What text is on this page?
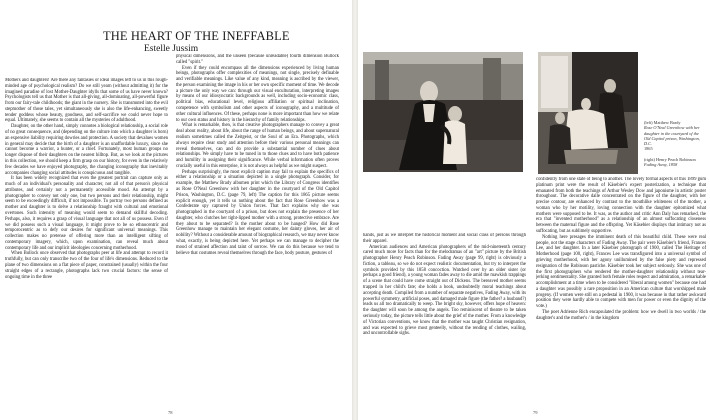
THE HEART OF THE INEFFABLE
Estelle Jussim

Mothers and daughters! Are there any fantasies or ideal images left to us in this rough-minded age of psychological realism? Do we still yearn (without admitting it) for the imagined paradise of lost Mother-Daughter idylls that some of us have never known? Psychologists tell us that Mother is that all-giving, all-dominating, all-powerful figure from our fairy-tale childhoods; the giant in the nursery. She is transmuted into the evil stepmother of those tales, yet simultaneously she is also the life-enhancing, sweetly tender goddess whose beauty, goodness, and self-sacrifice we could never hope to equal. Ultimately, she seems to contain all the mysteries of adulthood.

Daughter, on the other hand, simply connotes a biological relationship, a social role of no great consequence, and (depending on the culture into which a daughter is born) an expensive liability requiring dowries and protection. A society that devalues women in general may decide that the birth of a daughter is an unaffordable luxury, since she cannot become a warrior, a hunter, or a chief. Fortunately, most human groups no longer dispose of their daughters on the nearest hilltop. But, as we look at the pictures in this collection, we should keep a firm grasp on our history, for even in the relatively few decades we have enjoyed photography, the changing iconography that inevitably accompanies changing social attitudes is conspicuous and tangible.

It has been widely recognized that even the greatest portrait can capture only as much of an individual's personality and character, not all of that person's physical attributes, and certainly not a permanently accessible mood. An attempt by a photographer to convey not only one, but two persons and their relationship, might seem to be exceedingly difficult, if not impossible. To portray two persons defined as mother and daughter is to delve a relationship fraught with cultural and emotional overtones. Such intensity of meaning would seem to demand skillful decoding. Perhaps, also, it requires a grasp of visual language that not all of us possess. Even if we did possess such a visual language, it might prove to be so ethnocentric and temporocentric as to defy our desires for significant universal meanings. This collection makes no pretense of offering more than an intelligent sifting of contemporary imagery, which, upon examination, can reveal much about contemporary life and our implicit ideologies concerning motherhood.

When Bullock once observed that photographs peer at life and attempt to record it truthfully, but can only transcribe two of the four of life's dimensions. Reduced to the plane of two dimensions on a flat piece of paper, constrained (usually) within the four straight edges of a rectangle, photographs lack two crucial factors: the sense of ongoing time in the three

physical dimensions, and the unseen (because unreadable) fourth dimension Bullock called "spirit."

Even if they could encompass all the dimensions experienced by living human beings, photographs offer complexities of meanings, not single, precisely definable and verifiable meanings. Like value of any kind, meaning is ascribed by the viewer, the person examining the image in his or her own specific moment of time. We decode a picture the only way we can: through our visual enculturation, interpreting images by means of our idiosyncratic backgrounds as well, including socio-economic class, political bias, educational level, religious affiliation or spiritual inclination, competence with symbolism and other aspects of iconography, and a multitude of other cultural influences. Of these, perhaps none is more important than how we relate to our own status and history in the hierarchy of family relationships.

What is remarkable, then, is that creative photographers manage to convey a great deal about reality, about life, about the range of human beings, and about supernatural realism sometimes called the Zeitgeist, or the Soul of an Era. Photographs, which always require clear study and attention before their various personal meanings can reveal themselves, can and do provide a substantial number of clues about relationships. We simply have to be tuned in to those clues and to have both patience and humility in assigning their significance. While verbal information often proves crucially useful in this enterprise, it is not always as helpful as we might suspect.

Perhaps surprisingly, the most explicit caption may fail to explain the specifics of either a relationship or a situation depicted in a single photograph. Consider, for example, the Matthew Brady albumen print which the Library of Congress identifies as Rose O'Neal Greenhow with her daughter in the courtyard of the Old Capitol Prison, Washington, D.C. (page 79, left) The caption for this 1865 picture seems explicit enough, yet it tells us nothing about the fact that Rose Greenhow was a Confederate spy captured by Union forces. That fact explains why she was photographed in the courtyard of a prison, but does not explain the presence of her daughter, who clutches her tight-lipped mother with a strong, protective embrace. Are they about to be separated? Is the mother about to be hanged? How did Rose Greenhow manage to maintain her elegant costume, her dainty gloves, her air of nobility? Without a considerable amount of biographical research, we may never know what, exactly, is being depicted here. Yet perhaps we can manage to decipher the mood of strained affection and taint of sorrow. We can do this because we tend to believe that costumes reveal themselves through the face, body posture, gestures of

78
(left) Matthew Brady
Rose O'Neal Greenhow with her daughter in the courtyard of the Old Capitol prison, Washington, D.C.
1865
(right) Henry Peach Robinson
Fading Away, 1858

hands, just as we interpret the historical moment and social class of persons through their apparel.

American audiences and American photographers of the mid-nineteenth century cared much more for facts than for the melodramas of an "art" picture by the British photographer Henry Peach Robinson. Fading Away (page 99, right) is obviously a fiction, a tableau, so we do not expect realistic documentation, but try to interpret the symbols provided by this 1858 concoction. Watched over by an older sister (or perhaps a good friend), a young woman fades away to die amid the mawkish trappings of a scene that could have come straight out of Dickens. The bereaved mother seems trapped in her child's fate; she holds a book, undoubtedly moral teachings about accepting death. Compiled from a number of separate negatives, Fading Away, with its powerful symmetry, artificial poses, and damaged male figure (the father? a husband?) leads us all too dramatically to weep. The bright sky, however, offers hope of heaven: the daughter will soon be among the angels. Too reminiscent of theatre to be taken seriously today, the picture tells little about the grief of the mother. From a knowledge of Victorian conventions, we know that the mother was taught Christian resignation, and was expected to grieve most genteelly, without the rending of clothes, wailing, and uncontrollable sighs.

confidently from one state of being to another. The lovely formal aspects of this 1899 gum platinum print were the result of Käsebier's expert posterization, a technique that emanated from both the teachings of Arthur Wesley Dow and japonisme in artistic poster throughout. The decorative dalle concentrated on the figure of the daughter, with her precise contour, are enhanced by contrast to the mouthlike whiteness of the mother, a woman who by her motility, loving connection with the daughter epitomized what mothers were supposed to be. It was, as the author and critic Ann Daly has remarked, the era that "invented motherhood" as a relationship of an almost suffocating closeness between the maternal figure and the offspring. Yet Käsebier displays that intimacy not as suffocating, but as sublimely supportive.

Nothing here presages the imminent death of this beautiful child. These were real people, not the stage characters of Fading Away. The pair were Käsebier's friend, Frances Lee, and her daughter. In a later Käsebier photograph of 1900, called The Heritage of Motherhood (page 100, right), Frances Lee was transfigured into a universal symbol of grieving motherhood, with her agony unillumined by the false piety and repressed resignation of the Robinson pastiche. Käsebier took her subject seriously. She was one of the first photographers who rendered the mother-daughter relationship without tear-jerking sentimentality. She granted both female roles respect and admiration, a remarkable accomplishment at a time when to be considered "liberal among women" because one had a daughter was possibly a rare proposition in an American culture that worshipped male progeny. (If women were still on a pedestal in 1900, it was because in that rather awkward position they were hardly able to compete with men for power or even the dignity of the vote.)

The poet Adrienne Rich encapsulated the problem: how we dwell in two worlds / the daughter's and the mother's / in the kingdom

79
